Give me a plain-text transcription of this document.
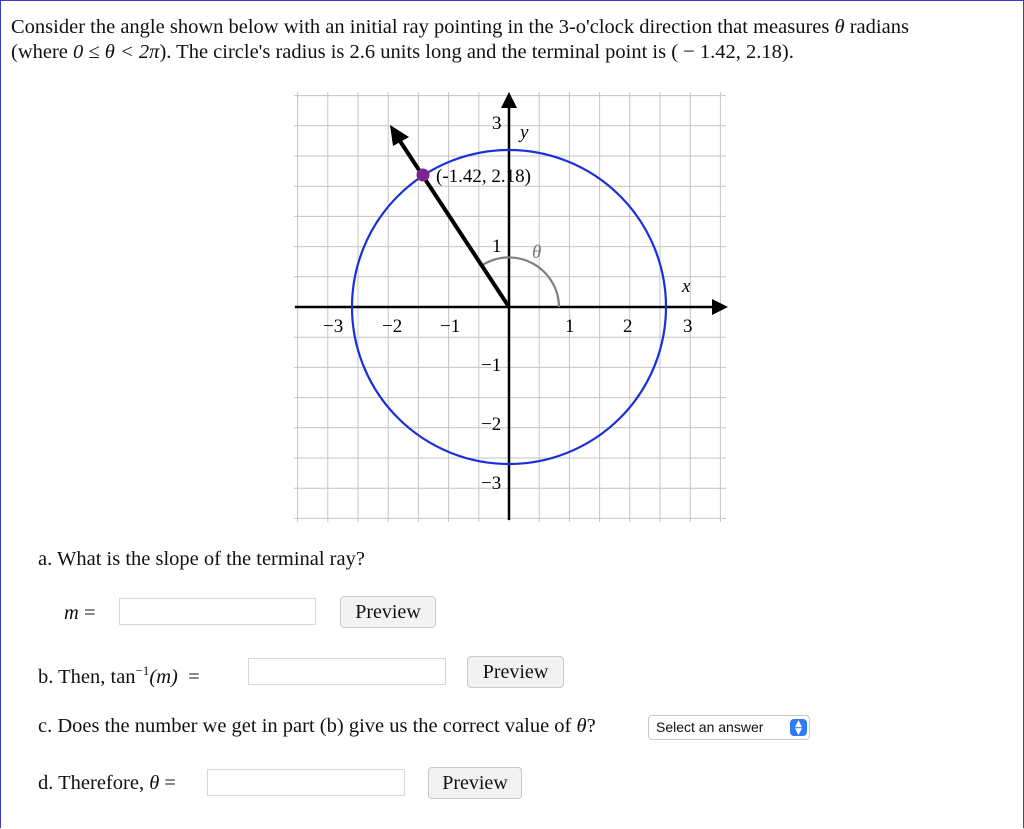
Consider the angle shown below with an initial ray pointing in the 3-o'clock direction that measures θ radians
(where 0 ≤ θ < 2π). The circle's radius is 2.6 units long and the terminal point is ( − 1.42, 2.18).
(-1.42, 2.18)
y
x
θ
−3 −2 −1	1	2	3
3
1
−1
−2
−3
a. What is the slope of the terminal ray?
m =	Preview
b. Then, $\tan^{-1}(m)$ =	Preview
c. Does the number we get in part (b) give us the correct value of θ?	Select an answer	▲
▼
d. Therefore, θ =	Preview
